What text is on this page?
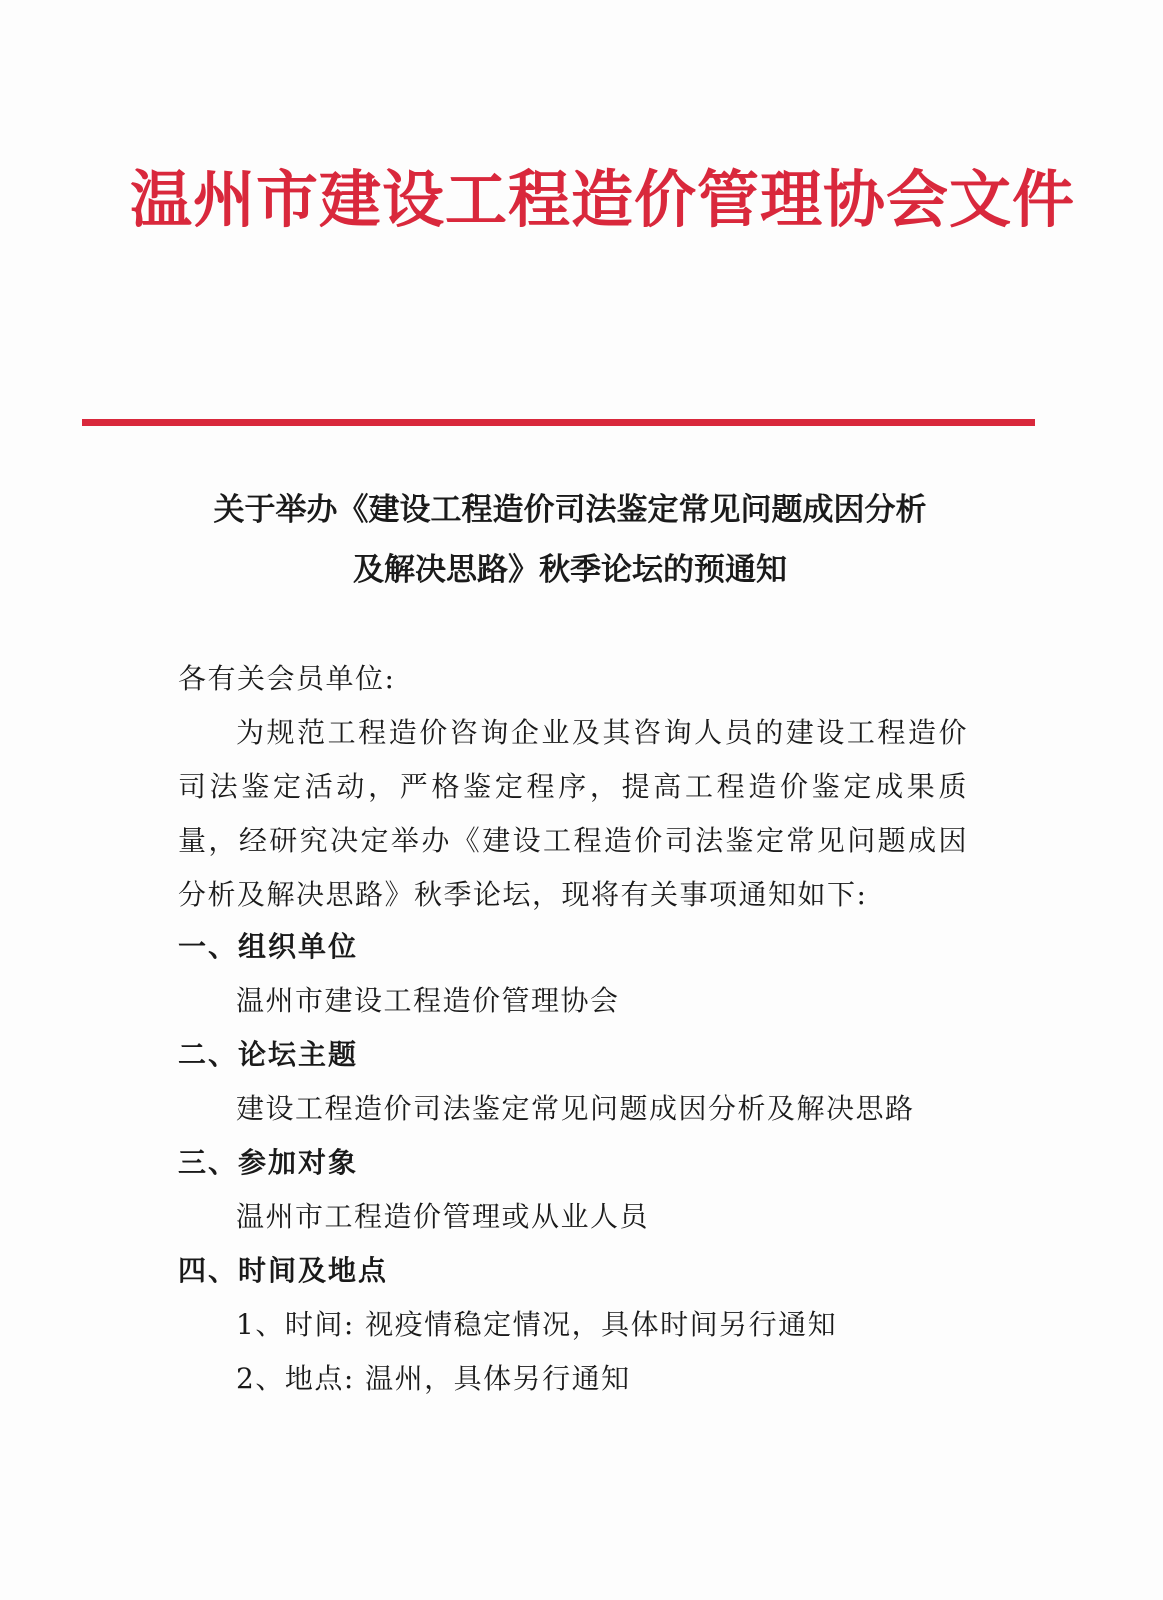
温州市建设工程造价管理协会文件
关于举办《建设工程造价司法鉴定常见问题成因分析
及解决思路》秋季论坛的预通知
各有关会员单位:
为规范工程造价咨询企业及其咨询人员的建设工程造价司法鉴定活动，严格鉴定程序，提高工程造价鉴定成果质量，经研究决定举办《建设工程造价司法鉴定常见问题成因分析及解决思路》秋季论坛，现将有关事项通知如下:
一、组织单位
温州市建设工程造价管理协会
二、论坛主题
建设工程造价司法鉴定常见问题成因分析及解决思路
三、参加对象
温州市工程造价管理或从业人员
四、时间及地点
1、时间: 视疫情稳定情况，具体时间另行通知
2、地点: 温州，具体另行通知
